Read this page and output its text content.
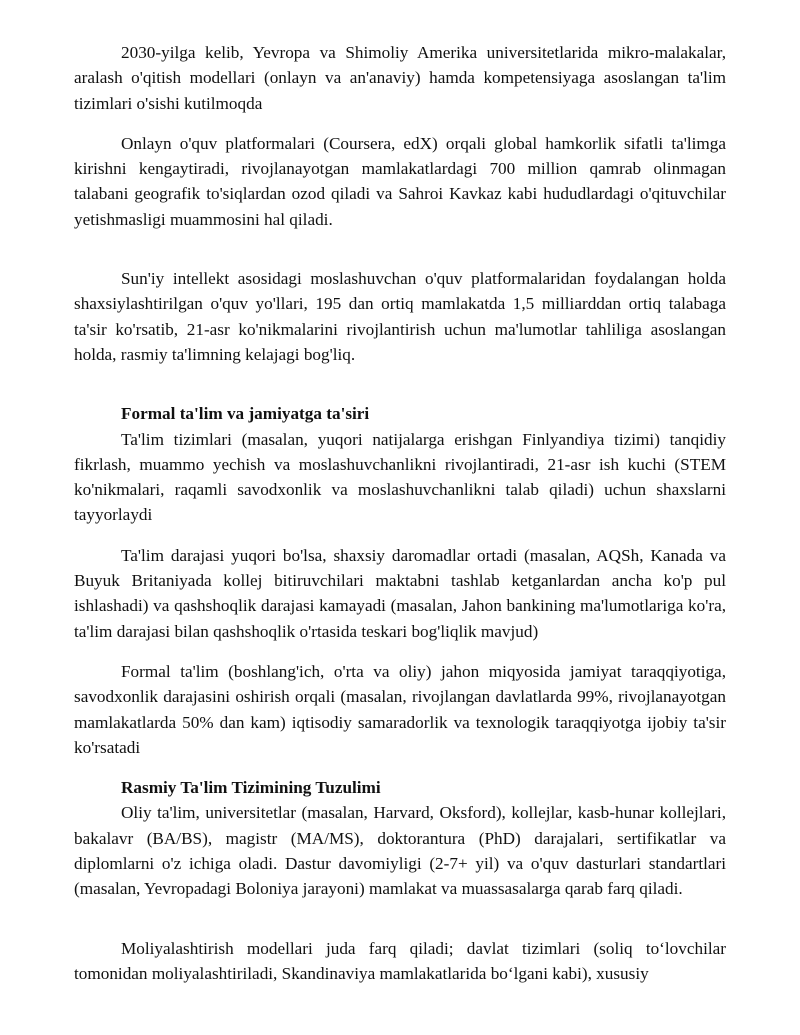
2030-yilga kelib, Yevropa va Shimoliy Amerika universitetlarida mikro-malakalar, aralash o'qitish modellari (onlayn va an'anaviy) hamda kompetensiyaga asoslangan ta'lim tizimlari o'sishi kutilmoqda

Onlayn o'quv platformalari (Coursera, edX) orqali global hamkorlik sifatli ta'limga kirishni kengaytiradi, rivojlanayotgan mamlakatlardagi 700 million qamrab olinmagan talabani geografik to'siqlardan ozod qiladi va Sahroi Kavkaz kabi hududlardagi o'qituvchilar yetishmasligi muammosini hal qiladi.

Sun'iy intellekt asosidagi moslashuvchan o'quv platformalaridan foydalangan holda shaxsiylashtirilgan o'quv yo'llari, 195 dan ortiq mamlakatda 1,5 milliarddan ortiq talabaga ta'sir ko'rsatib, 21-asr ko'nikmalarini rivojlantirish uchun ma'lumotlar tahliliga asoslangan holda, rasmiy ta'limning kelajagi bog'liq.

Formal ta'lim va jamiyatga ta'siri

Ta'lim tizimlari (masalan, yuqori natijalarga erishgan Finlyandiya tizimi) tanqidiy fikrlash, muammo yechish va moslashuvchanlikni rivojlantiradi, 21-asr ish kuchi (STEM ko'nikmalari, raqamli savodxonlik va moslashuvchanlikni talab qiladi) uchun shaxslarni tayyorlaydi

Ta'lim darajasi yuqori bo'lsa, shaxsiy daromadlar ortadi (masalan, AQSh, Kanada va Buyuk Britaniyada kollej bitiruvchilari maktabni tashlab ketganlardan ancha ko'p pul ishlashadi) va qashshoqlik darajasi kamayadi (masalan, Jahon bankining ma'lumotlariga ko'ra, ta'lim darajasi bilan qashshoqlik o'rtasida teskari bog'liqlik mavjud)

Formal ta'lim (boshlang'ich, o'rta va oliy) jahon miqyosida jamiyat taraqqiyotiga, savodxonlik darajasini oshirish orqali (masalan, rivojlangan davlatlarda 99%, rivojlanayotgan mamlakatlarda 50% dan kam) iqtisodiy samaradorlik va texnologik taraqqiyotga ijobiy ta'sir ko'rsatadi

Rasmiy Ta'lim Tizimining Tuzulimi

Oliy ta'lim, universitetlar (masalan, Harvard, Oksford), kollejlar, kasb-hunar kollejlari, bakalavr (BA/BS), magistr (MA/MS), doktorantura (PhD) darajalari, sertifikatlar va diplomlarni o'z ichiga oladi. Dastur davomiyligi (2-7+ yil) va o'quv dasturlari standartlari (masalan, Yevropadagi Boloniya jarayoni) mamlakat va muassasalarga qarab farq qiladi.

Moliyalashtirish modellari juda farq qiladi; davlat tizimlari (soliq to‘lovchilar tomonidan moliyalashtiriladi, Skandinaviya mamlakatlarida bo‘lgani kabi), xususiy
